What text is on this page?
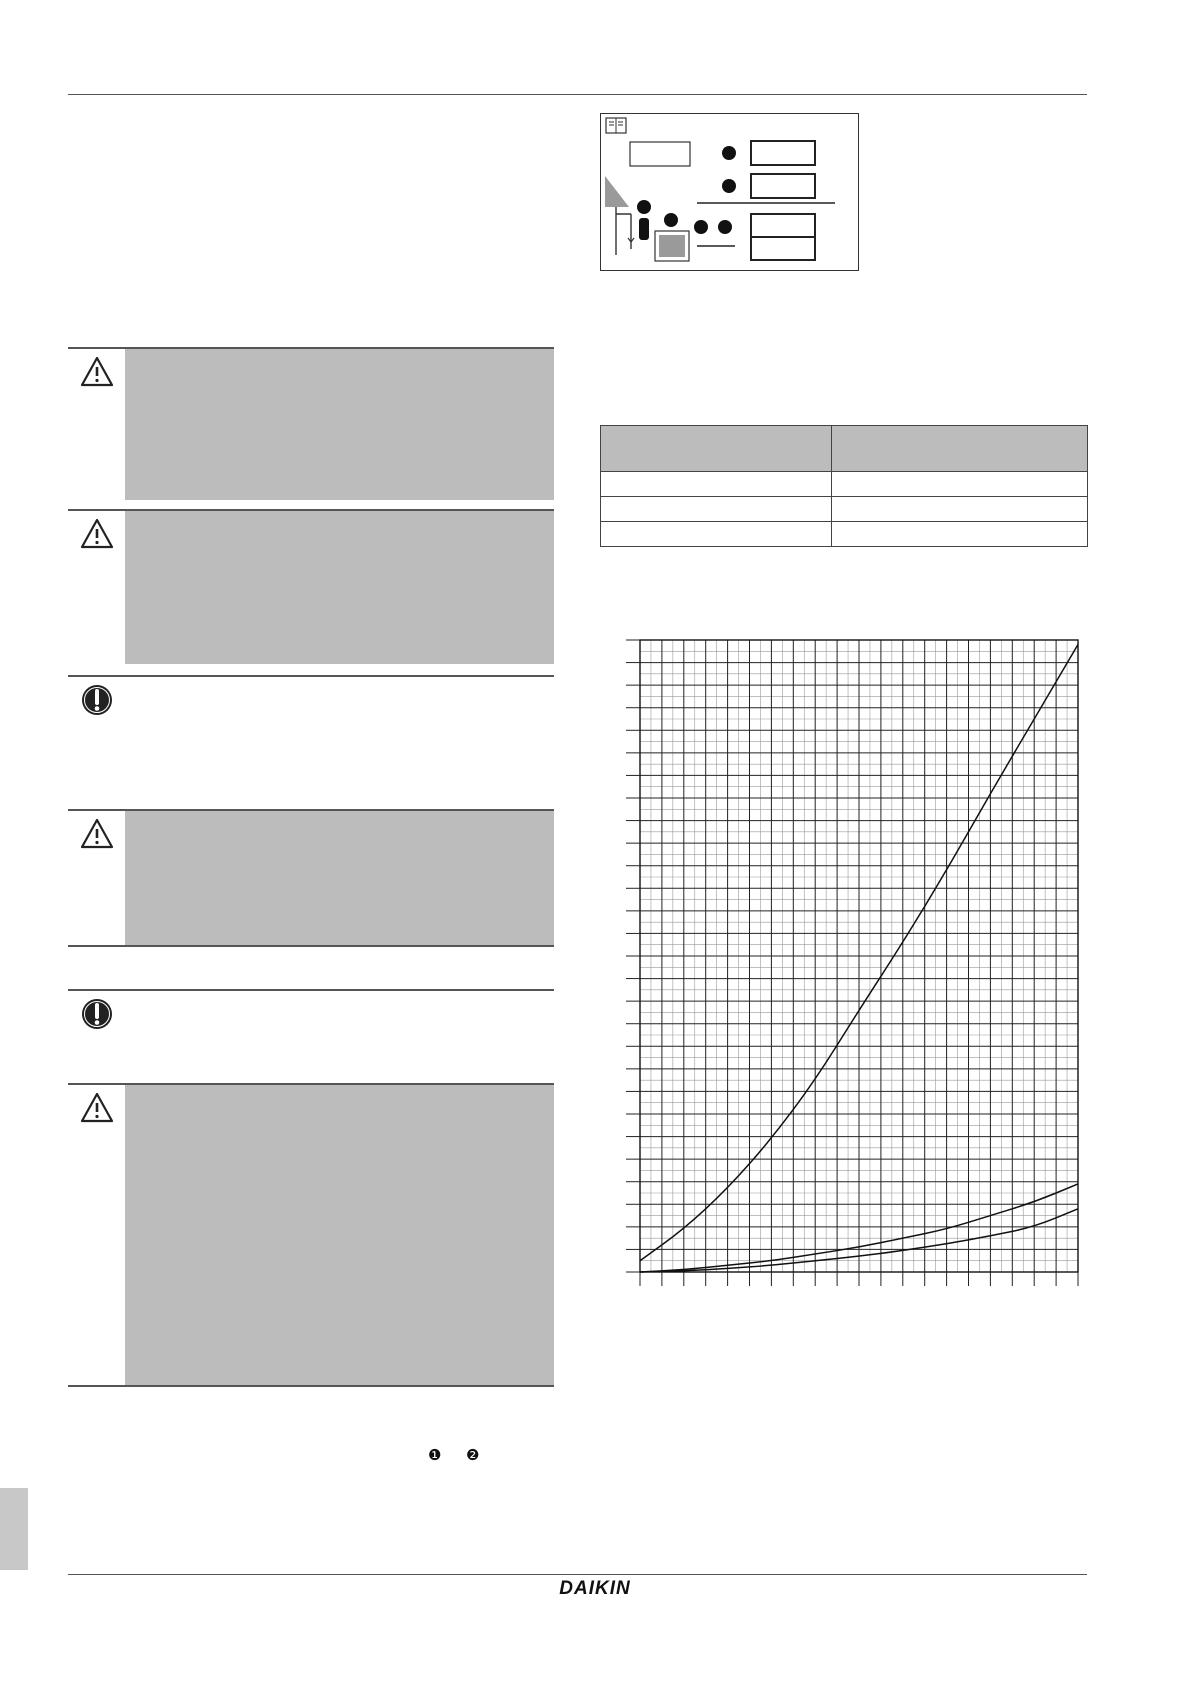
❶ ❷

DAIKIN
